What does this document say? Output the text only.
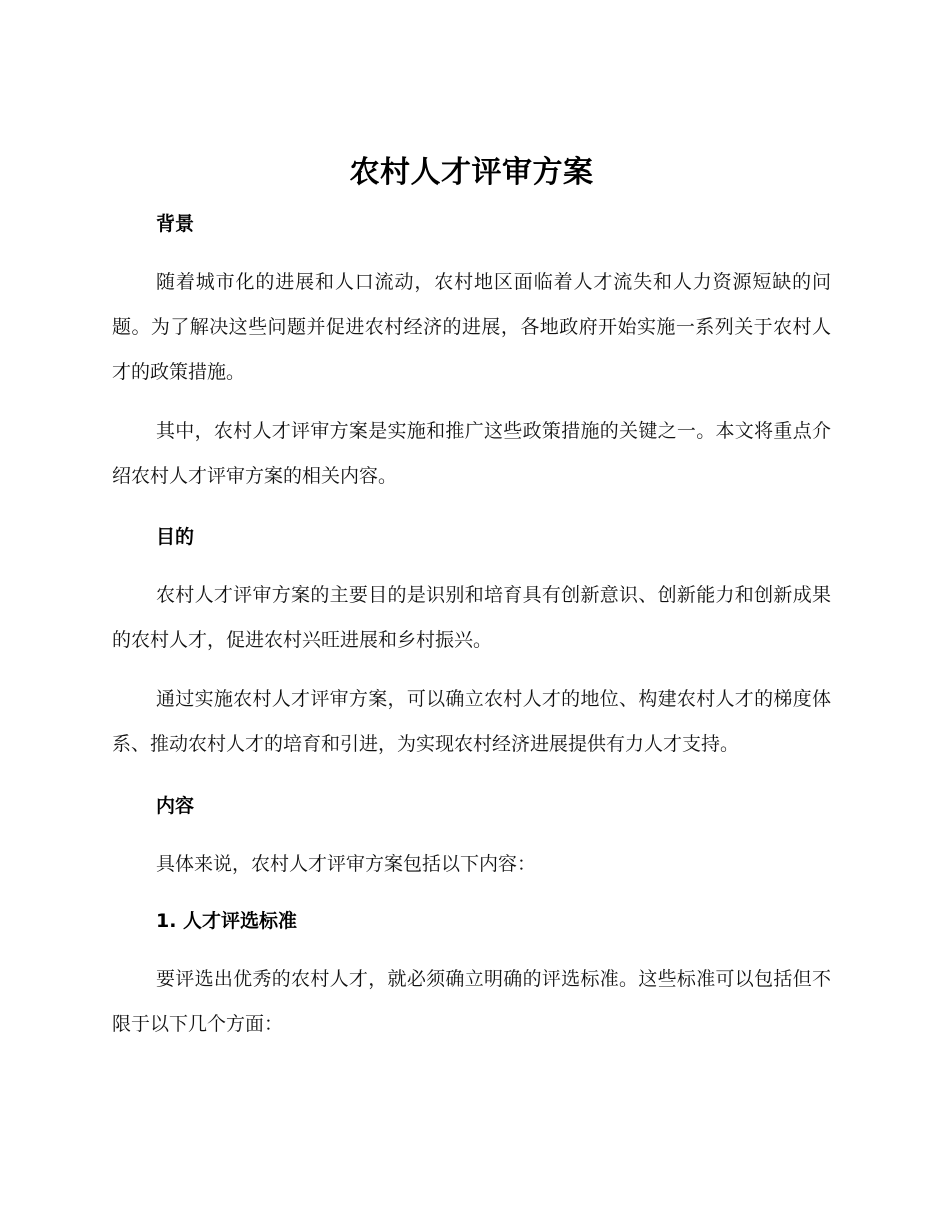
农村人才评审方案
背景

随着城市化的进展和人口流动，农村地区面临着人才流失和人力资源短缺的问题。为了解决这些问题并促进农村经济的进展，各地政府开始实施一系列关于农村人才的政策措施。

其中，农村人才评审方案是实施和推广这些政策措施的关键之一。本文将重点介绍农村人才评审方案的相关内容。

目的

农村人才评审方案的主要目的是识别和培育具有创新意识、创新能力和创新成果的农村人才，促进农村兴旺进展和乡村振兴。

通过实施农村人才评审方案，可以确立农村人才的地位、构建农村人才的梯度体系、推动农村人才的培育和引进，为实现农村经济进展提供有力人才支持。

内容

具体来说，农村人才评审方案包括以下内容：

1. 人才评选标准

要评选出优秀的农村人才，就必须确立明确的评选标准。这些标准可以包括但不限于以下几个方面：
